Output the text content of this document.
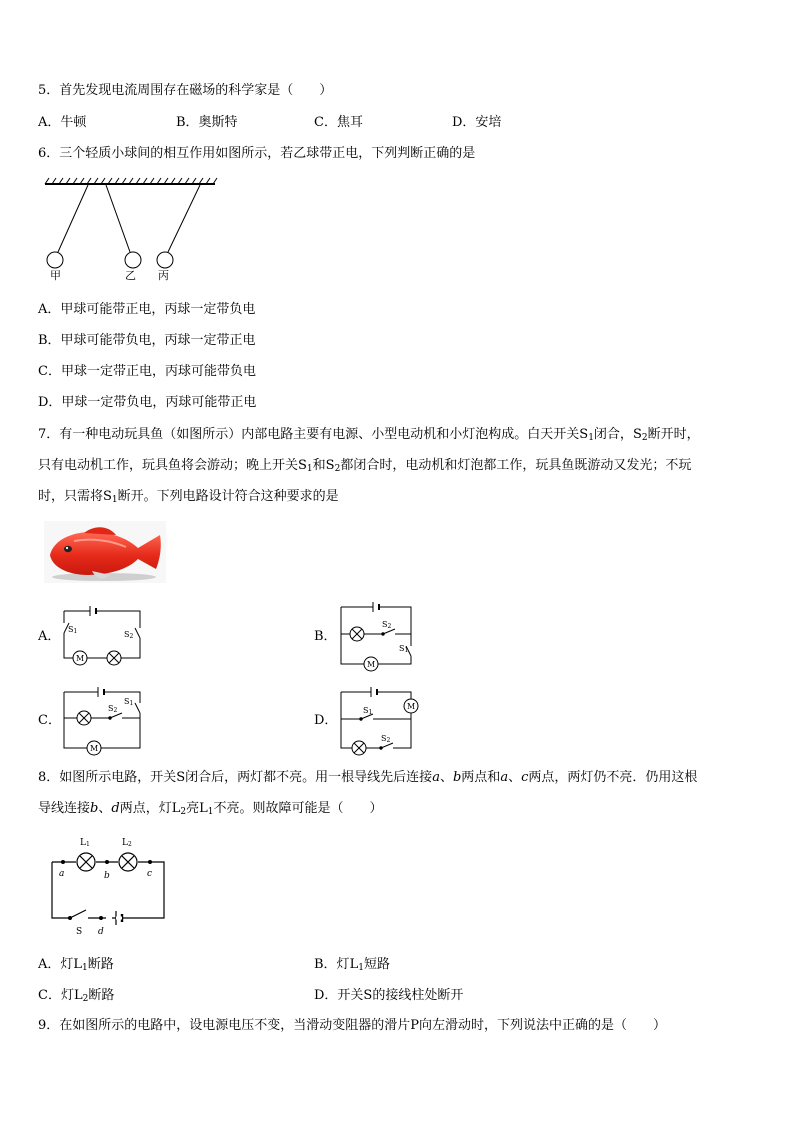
5．首先发现电流周围存在磁场的科学家是（　　）
A．牛顿	B．奥斯特	C．焦耳	D．安培
6．三个轻质小球间的相互作用如图所示，若乙球带正电，下列判断正确的是
甲	乙 丙
A．甲球可能带正电，丙球一定带负电
B．甲球可能带负电，丙球一定带正电
C．甲球一定带正电，丙球可能带负电
D．甲球一定带负电，丙球可能带正电
7．有一种电动玩具鱼（如图所示）内部电路主要有电源、小型电动机和小灯泡构成。白天开关$S_1$闭合，$S_2$断开时，
只有电动机工作，玩具鱼将会游动；晚上开关$S_1$和$S_2$都闭合时，电动机和灯泡都工作，玩具鱼既游动又发光；不玩
时，只需将$S_1$断开。下列电路设计符合这种要求的是
A． S1	S2
M
B．
S2
S1
M
C．
S2
S1
M
D．
S1
S2
M
8．如图所示电路，开关S闭合后，两灯都不亮。用一根导线先后连接a、b两点和a、c两点，两灯仍不亮．仍用这根
导线连接b、d两点，灯$L_2$亮$L_1$不亮。则故障可能是（　　）
L1	L2
a	b	c
S d
A．灯$L_1$断路	B．灯$L_1$短路
C．灯$L_2$断路	D．开关S的接线柱处断开
9．在如图所示的电路中，设电源电压不变，当滑动变阻器的滑片P向左滑动时，下列说法中正确的是（　　）
